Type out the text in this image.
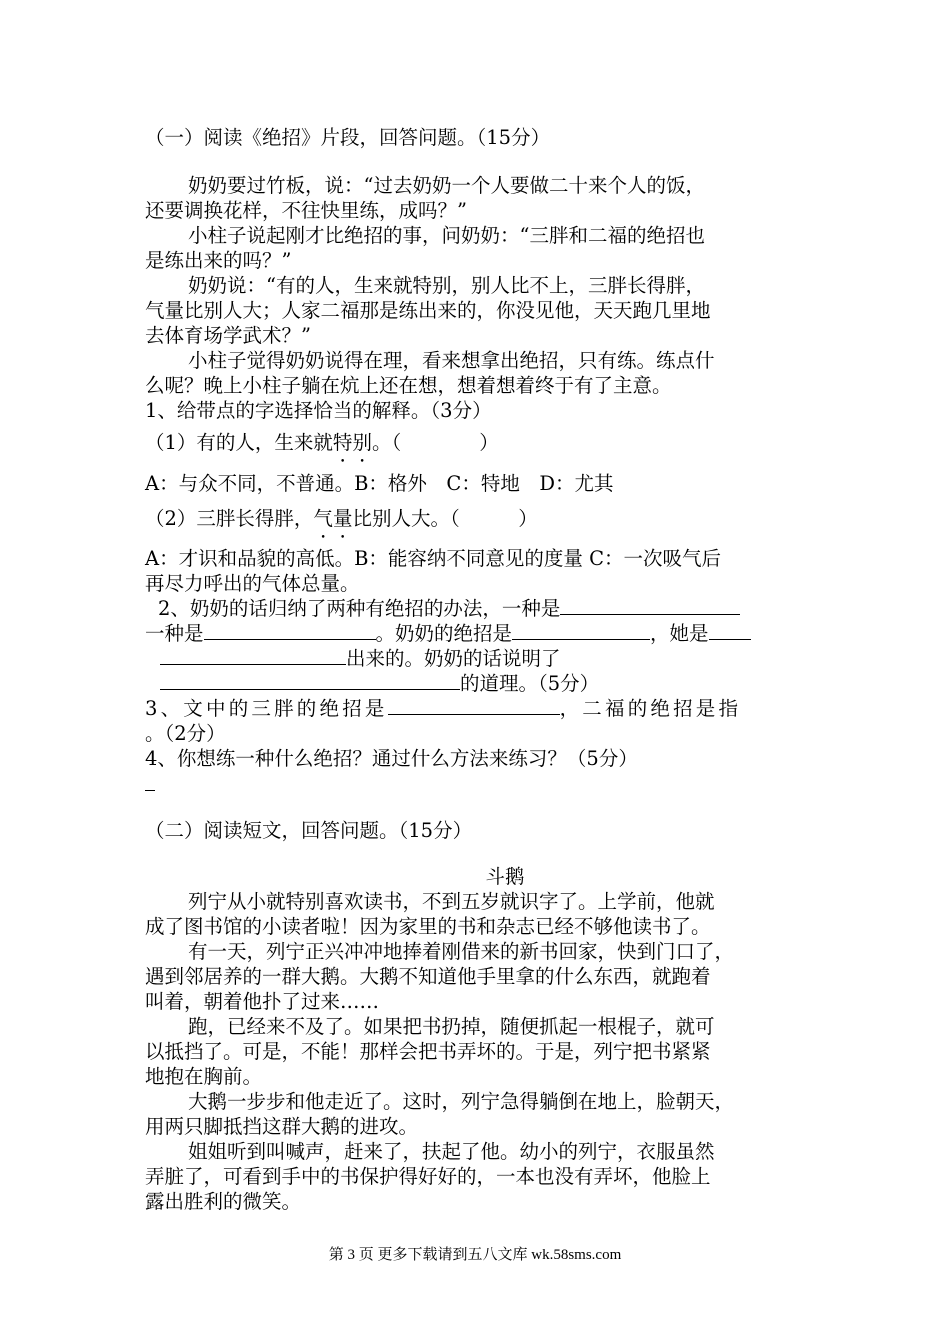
（一）阅读《绝招》片段，回答问题。（15分）
奶奶要过竹板，说：“过去奶奶一个人要做二十来个人的饭，
还要调换花样，不往快里练，成吗？”
小柱子说起刚才比绝招的事，问奶奶：“三胖和二福的绝招也
是练出来的吗？”
奶奶说：“有的人，生来就特别，别人比不上，三胖长得胖，
气量比别人大；人家二福那是练出来的，你没见他，天天跑几里地
去体育场学武术？”
小柱子觉得奶奶说得在理，看来想拿出绝招，只有练。练点什
么呢？晚上小柱子躺在炕上还在想，想着想着终于有了主意。
1、给带点的字选择恰当的解释。（3分）
（1）有的人，生来就特别。（　　　　）
A：与众不同，不普通。B：格外　C：特地　D：尤其
（2）三胖长得胖，气量比别人大。（　　　）
A：才识和品貌的高低。B：能容纳不同意见的度量 C：一次吸气后
再尽力呼出的气体总量。
2、奶奶的话归纳了两种有绝招的办法，一种是
一种是	。奶奶的绝招是	，她是
出来的。奶奶的话说明了
的道理。（5分）
3、文中的三胖的绝招是	，二福的绝招是指
。（2分）
4、你想练一种什么绝招？通过什么方法来练习？（5分）
（二）阅读短文，回答问题。（15分）
斗鹅
列宁从小就特别喜欢读书，不到五岁就识字了。上学前，他就
成了图书馆的小读者啦！因为家里的书和杂志已经不够他读书了。
有一天，列宁正兴冲冲地捧着刚借来的新书回家，快到门口了，
遇到邻居养的一群大鹅。大鹅不知道他手里拿的什么东西，就跑着
叫着，朝着他扑了过来……
跑，已经来不及了。如果把书扔掉，随便抓起一根棍子，就可
以抵挡了。可是，不能！那样会把书弄坏的。于是，列宁把书紧紧
地抱在胸前。
大鹅一步步和他走近了。这时，列宁急得躺倒在地上，脸朝天，
用两只脚抵挡这群大鹅的进攻。
姐姐听到叫喊声，赶来了，扶起了他。幼小的列宁，衣服虽然
弄脏了，可看到手中的书保护得好好的，一本也没有弄坏，他脸上
露出胜利的微笑。
第 3 页 更多下载请到五八文库 wk.58sms.com
